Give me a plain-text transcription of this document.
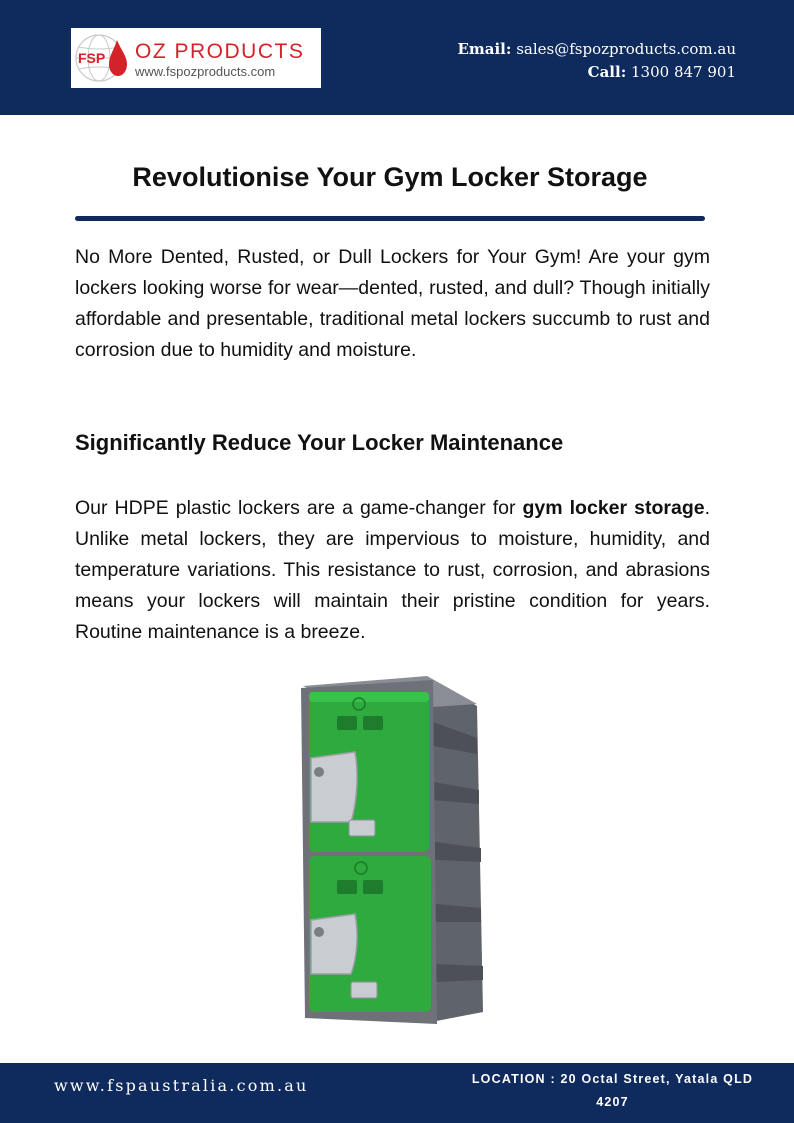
FSP OZ PRODUCTS
www.fspozproducts.com
Email: sales@fspozproducts.com.au
Call: 1300 847 901
Revolutionise Your Gym Locker Storage

No More Dented, Rusted, or Dull Lockers for Your Gym! Are your gym lockers looking worse for wear—dented, rusted, and dull? Though initially affordable and presentable, traditional metal lockers succumb to rust and corrosion due to humidity and moisture.

Significantly Reduce Your Locker Maintenance

Our HDPE plastic lockers are a game-changer for gym locker storage. Unlike metal lockers, they are impervious to moisture, humidity, and temperature variations. This resistance to rust, corrosion, and abrasions means your lockers will maintain their pristine condition for years. Routine maintenance is a breeze.

www.fspaustralia.com.au	LOCATION : 20 Octal Street, Yatala QLD 4207
